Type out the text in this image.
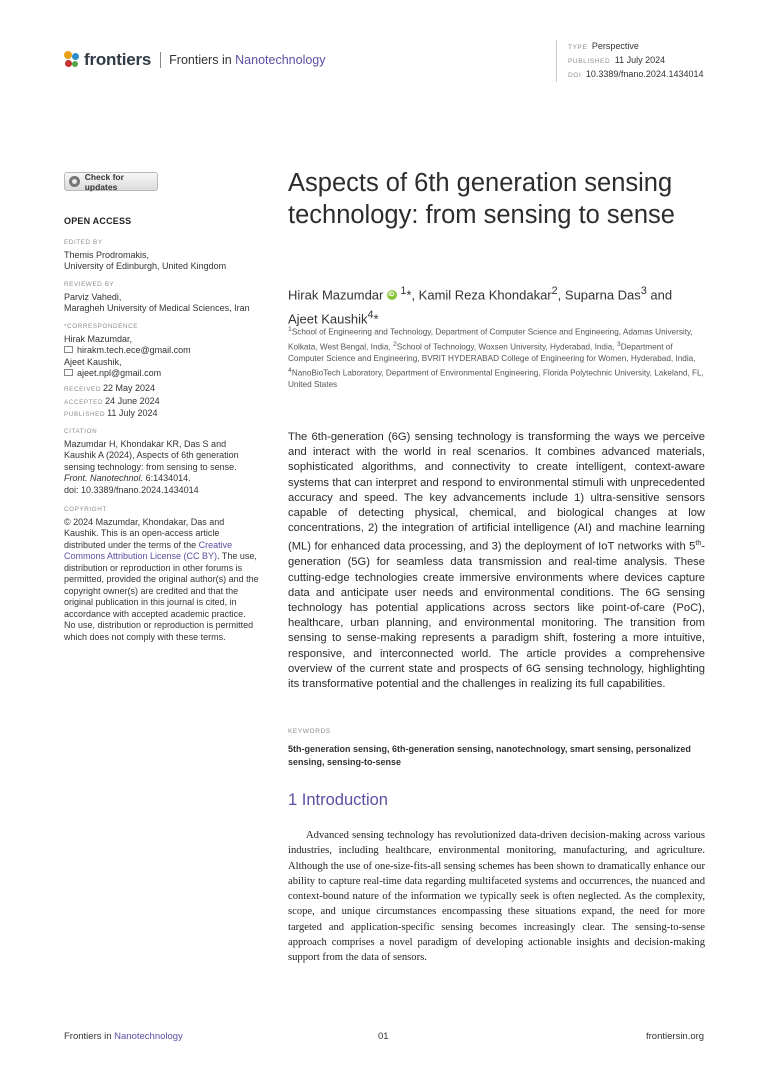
frontiers Frontiers in Nanotechnology
TYPE Perspective
PUBLISHED 11 July 2024
DOI 10.3389/fnano.2024.1434014
Check for updates
OPEN ACCESS
EDITED BY
Themis Prodromakis,
University of Edinburgh, United Kingdom
REVIEWED BY
Parviz Vahedi,
Maragheh University of Medical Sciences, Iran
*CORRESPONDENCE
Hirak Mazumdar,
hirakm.tech.ece@gmail.com
Ajeet Kaushik,
ajeet.npl@gmail.com
RECEIVED 22 May 2024
ACCEPTED 24 June 2024
PUBLISHED 11 July 2024
CITATION
Mazumdar H, Khondakar KR, Das S and Kaushik A (2024), Aspects of 6th generation sensing technology: from sensing to sense. Front. Nanotechnol. 6:1434014.
doi: 10.3389/fnano.2024.1434014
COPYRIGHT
© 2024 Mazumdar, Khondakar, Das and Kaushik. This is an open-access article distributed under the terms of the Creative Commons Attribution License (CC BY). The use, distribution or reproduction in other forums is permitted, provided the original author(s) and the copyright owner(s) are credited and that the original publication in this journal is cited, in accordance with accepted academic practice. No use, distribution or reproduction is permitted which does not comply with these terms.
Aspects of 6th generation sensing technology: from sensing to sense
Hirak MazumdariD $^1$*, Kamil Reza Khondakar$^2$, Suparna Das$^3$ and
Ajeet Kaushik$^4$*
$^1$School of Engineering and Technology, Department of Computer Science and Engineering, Adamas University, Kolkata, West Bengal, India, $^2$School of Technology, Woxsen University, Hyderabad, India, $^3$Department of Computer Science and Engineering, BVRIT HYDERABAD College of Engineering for Women, Hyderabad, India, $^4$NanoBioTech Laboratory, Department of Environmental Engineering, Florida Polytechnic University, Lakeland, FL, United States
The 6th-generation (6G) sensing technology is transforming the ways we perceive and interact with the world in real scenarios. It combines advanced materials, sophisticated algorithms, and connectivity to create intelligent, context-aware systems that can interpret and respond to environmental stimuli with unprecedented accuracy and speed. The key advancements include 1) ultra-sensitive sensors capable of detecting physical, chemical, and biological changes at low concentrations, 2) the integration of artificial intelligence (AI) and machine learning (ML) for enhanced data processing, and 3) the deployment of IoT networks with 5th-generation (5G) for seamless data transmission and real-time analysis. These cutting-edge technologies create immersive environments where devices capture data and anticipate user needs and environmental conditions. The 6G sensing technology has potential applications across sectors like point-of-care (PoC), healthcare, urban planning, and environmental monitoring. The transition from sensing to sense-making represents a paradigm shift, fostering a more intuitive, responsive, and interconnected world. The article provides a comprehensive overview of the current state and prospects of 6G sensing technology, highlighting its transformative potential and the challenges in realizing its full capabilities.
KEYWORDS
5th-generation sensing, 6th-generation sensing, nanotechnology, smart sensing, personalized sensing, sensing-to-sense
1 Introduction
Advanced sensing technology has revolutionized data-driven decision-making across various industries, including healthcare, environmental monitoring, manufacturing, and agriculture. Although the use of one-size-fits-all sensing schemes has been shown to dramatically enhance our ability to capture real-time data regarding multifaceted systems and occurrences, the nuanced and context-bound nature of the information we typically seek is often neglected. As the complexity, scope, and unique circumstances encompassing these situations expand, the need for more targeted and application-specific sensing becomes increasingly clear. The sensing-to-sense approach comprises a novel paradigm of developing actionable insights and decision-making support from the data of sensors.
Frontiers in Nanotechnology	01	frontiersin.org
